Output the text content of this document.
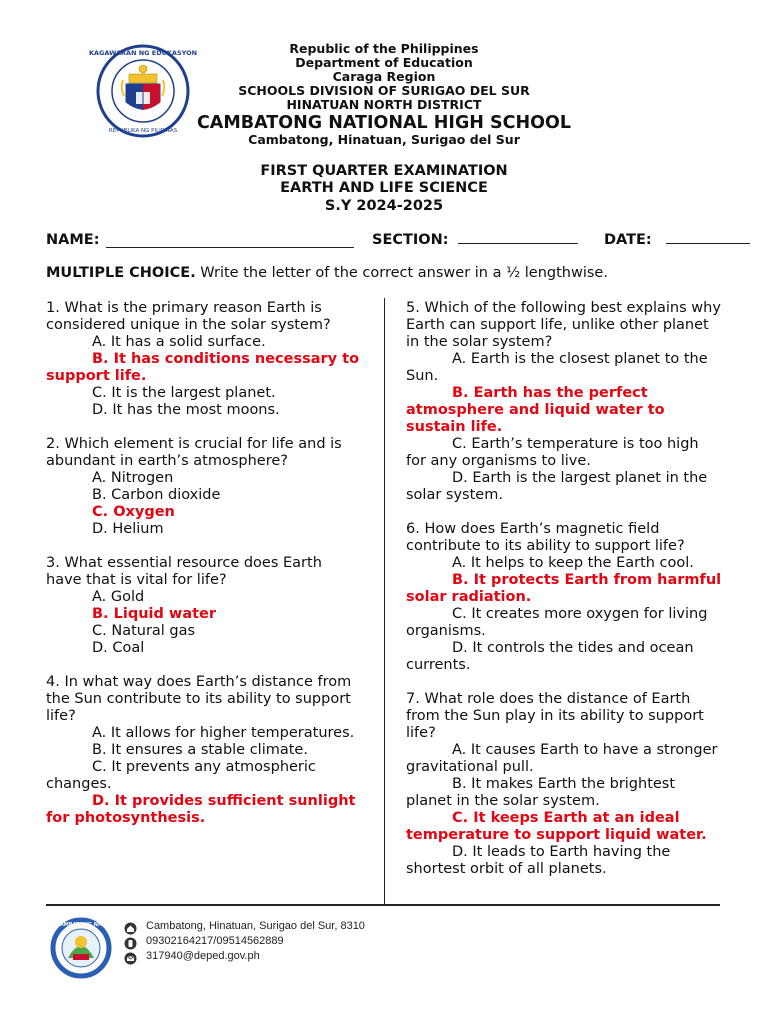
KAGAWARAN NG EDUKASYON
REPUBLIKA NG PILIPINAS
Republic of the Philippines
Department of Education
Caraga Region
SCHOOLS DIVISION OF SURIGAO DEL SUR
HINATUAN NORTH DISTRICT
CAMBATONG NATIONAL HIGH SCHOOL
Cambatong, Hinatuan, Surigao del Sur
FIRST QUARTER EXAMINATION
EARTH AND LIFE SCIENCE
S.Y 2024-2025
NAME:	SECTION:	DATE:
MULTIPLE CHOICE. Write the letter of the correct answer in a ½ lengthwise.
1. What is the primary reason Earth is considered unique in the solar system?
A. It has a solid surface.
B. It has conditions necessary to support life.
C. It is the largest planet.
D. It has the most moons.
2. Which element is crucial for life and is abundant in earth’s atmosphere?
A. Nitrogen
B. Carbon dioxide
C. Oxygen
D. Helium
3. What essential resource does Earth have that is vital for life?
A. Gold
B. Liquid water
C. Natural gas
D. Coal
4. In what way does Earth’s distance from the Sun contribute to its ability to support life?
A. It allows for higher temperatures.
B. It ensures a stable climate.
C. It prevents any atmospheric changes.
D. It provides sufficient sunlight for photosynthesis.
5. Which of the following best explains why Earth can support life, unlike other planet in the solar system?
A. Earth is the closest planet to the Sun.
B. Earth has the perfect atmosphere and liquid water to sustain life.
C. Earth’s temperature is too high for any organisms to live.
D. Earth is the largest planet in the solar system.
6. How does Earth’s magnetic field contribute to its ability to support life?
A. It helps to keep the Earth cool.
B. It protects Earth from harmful solar radiation.
C. It creates more oxygen for living organisms.
D. It controls the tides and ocean currents.
7. What role does the distance of Earth from the Sun play in its ability to support life?
A. It causes Earth to have a stronger gravitational pull.
B. It makes Earth the brightest planet in the solar system.
C. It keeps Earth at an ideal temperature to support liquid water.
D. It leads to Earth having the shortest orbit of all planets.
CAMBATONG NHS	Cambatong, Hinatuan, Surigao del Sur, 8310
09302164217/09514562889
317940@deped.gov.ph
